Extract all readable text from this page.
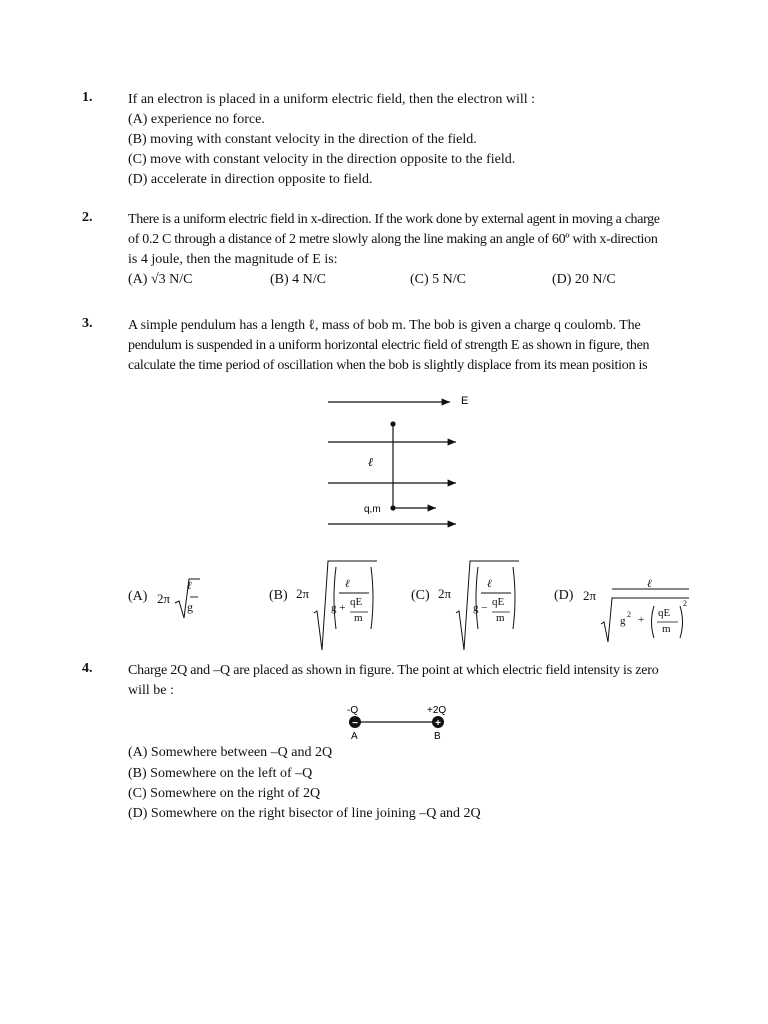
1.	If an electron is placed in a uniform electric field, then the electron will :
(A) experience no force.
(B) moving with constant velocity in the direction of the field.
(C) move with constant velocity in the direction opposite to the field.
(D) accelerate in direction opposite to field.
2.	There is a uniform electric field in x-direction. If the work done by external agent in moving a charge
of 0.2 C through a distance of 2 metre slowly along the line making an angle of 60º with x-direction
is 4 joule, then the magnitude of E is:
(A) √3 N/C	(B) 4 N/C	(C) 5 N/C	(D) 20 N/C
3.	A simple pendulum has a length ℓ, mass of bob m. The bob is given a charge q coulomb. The
pendulum is suspended in a uniform horizontal electric field of strength E as shown in figure, then
calculate the time period of oscillation when the bob is slightly displace from its mean position is
E
ℓ
q,m
(A) 2π
ℓ
g
(B) 2π
ℓ
g + qE
m
(C) 2π
ℓ
g − qE
m
(D) 2π
ℓ
g
2 +
qE
m
2
4.	Charge 2Q and –Q are placed as shown in figure. The point at which electric field intensity is zero
will be :
-Q	+2Q
−	+
A	B
(A) Somewhere between –Q and 2Q
(B) Somewhere on the left of –Q
(C) Somewhere on the right of 2Q
(D) Somewhere on the right bisector of line joining –Q and 2Q
